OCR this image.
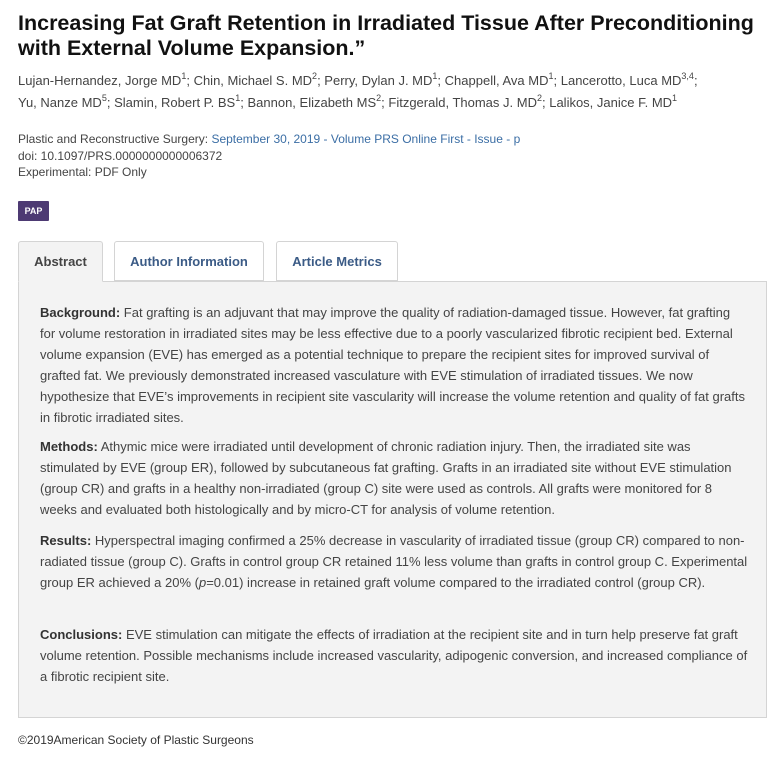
Increasing Fat Graft Retention in Irradiated Tissue After Preconditioning with External Volume Expansion.”
Lujan-Hernandez, Jorge $MD^1$; Chin, Michael S. $MD^2$; Perry, Dylan J. $MD^1$; Chappell, Ava $MD^1$; Lancerotto, Luca MD$^{3,4}$;
Yu, Nanze $MD^5$; Slamin, Robert P. $BS^1$; Bannon, Elizabeth $MS^2$; Fitzgerald, Thomas J. $MD^2$; Lalikos, Janice F. $MD^1$
Plastic and Reconstructive Surgery: September 30, 2019 - Volume PRS Online First - Issue - p
doi: 10.1097/PRS.0000000000006372
Experimental: PDF Only
PAP
Abstract	Author Information	Article Metrics

Background: Fat grafting is an adjuvant that may improve the quality of radiation-damaged tissue. However, fat grafting for volume restoration in irradiated sites may be less effective due to a poorly vascularized fibrotic recipient bed. External volume expansion (EVE) has emerged as a potential technique to prepare the recipient sites for improved survival of grafted fat. We previously demonstrated increased vasculature with EVE stimulation of irradiated tissues. We now hypothesize that EVE’s improvements in recipient site vascularity will increase the volume retention and quality of fat grafts in fibrotic irradiated sites.

Methods: Athymic mice were irradiated until development of chronic radiation injury. Then, the irradiated site was stimulated by EVE (group ER), followed by subcutaneous fat grafting. Grafts in an irradiated site without EVE stimulation (group CR) and grafts in a healthy non-irradiated (group C) site were used as controls. All grafts were monitored for 8 weeks and evaluated both histologically and by micro-CT for analysis of volume retention.

Results: Hyperspectral imaging confirmed a 25% decrease in vascularity of irradiated tissue (group CR) compared to non-radiated tissue (group C). Grafts in control group CR retained 11% less volume than grafts in control group C. Experimental group ER achieved a 20% (p=0.01) increase in retained graft volume compared to the irradiated control (group CR).

Conclusions: EVE stimulation can mitigate the effects of irradiation at the recipient site and in turn help preserve fat graft volume retention. Possible mechanisms include increased vascularity, adipogenic conversion, and increased compliance of a fibrotic recipient site.

©2019American Society of Plastic Surgeons
